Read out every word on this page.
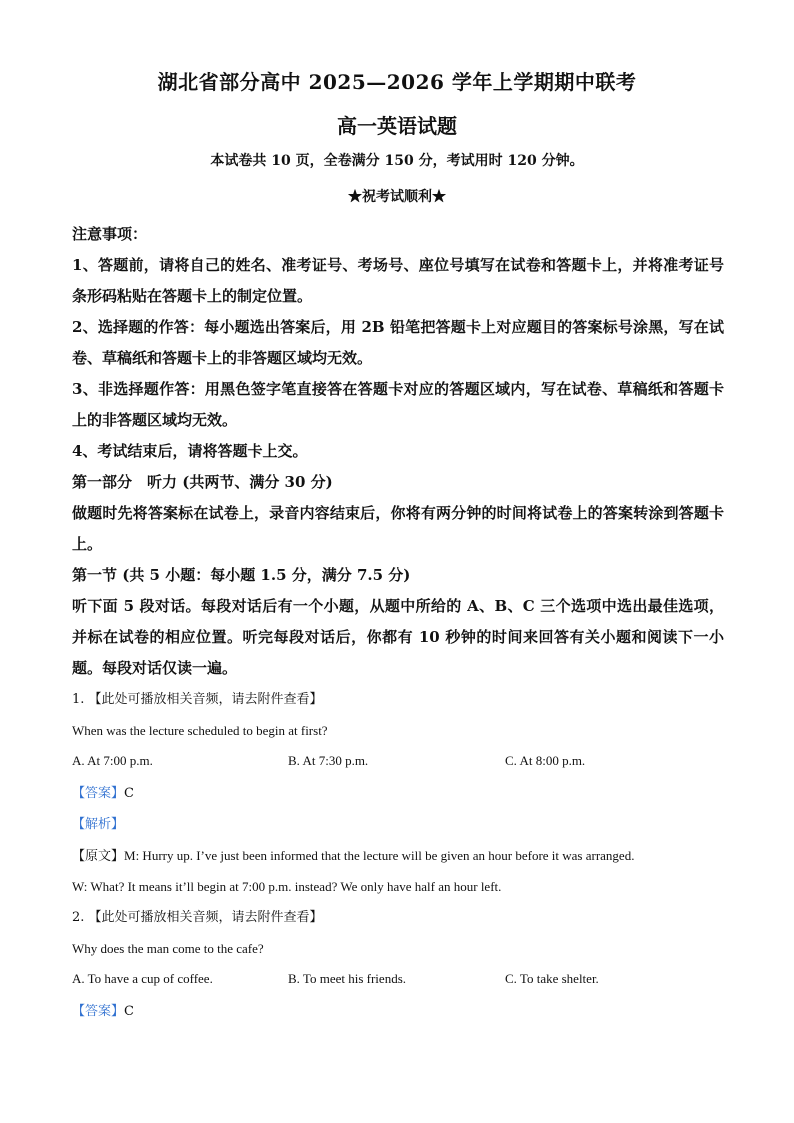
湖北省部分高中 2025—2026 学年上学期期中联考
高一英语试题
本试卷共 10 页，全卷满分 150 分，考试用时 120 分钟。
★祝考试顺利★
注意事项：
1、答题前，请将自己的姓名、准考证号、考场号、座位号填写在试卷和答题卡上，并将准考证号条形码粘贴在答题卡上的制定位置。
2、选择题的作答：每小题选出答案后，用 2B 铅笔把答题卡上对应题目的答案标号涂黑，写在试卷、草稿纸和答题卡上的非答题区域均无效。
3、非选择题作答：用黑色签字笔直接答在答题卡对应的答题区域内，写在试卷、草稿纸和答题卡上的非答题区域均无效。
4、考试结束后，请将答题卡上交。
第一部分　听力 (共两节、满分 30 分)
做题时先将答案标在试卷上，录音内容结束后，你将有两分钟的时间将试卷上的答案转涂到答题卡上。
第一节 (共 5 小题：每小题 1.5 分，满分 7.5 分)
听下面 5 段对话。每段对话后有一个小题，从题中所给的 A、B、C 三个选项中选出最佳选项，并标在试卷的相应位置。听完每段对话后，你都有 10 秒钟的时间来回答有关小题和阅读下一小题。每段对话仅读一遍。
1. 【此处可播放相关音频，请去附件查看】
When was the lecture scheduled to begin at first?
A. At 7:00 p.m.	B. At 7:30 p.m.	C. At 8:00 p.m.
【答案】C
【解析】
【原文】M: Hurry up. I’ve just been informed that the lecture will be given an hour before it was arranged.
W: What? It means it’ll begin at 7:00 p.m. instead? We only have half an hour left.
2. 【此处可播放相关音频，请去附件查看】
Why does the man come to the cafe?
A. To have a cup of coffee.	B. To meet his friends.	C. To take shelter.
【答案】C
